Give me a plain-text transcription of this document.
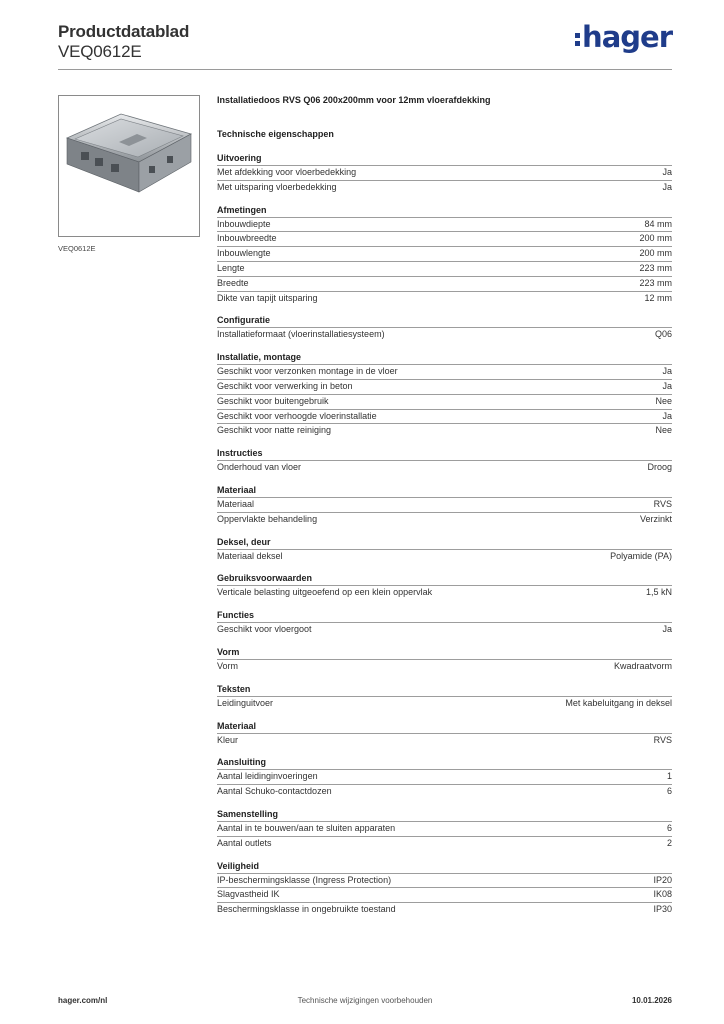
Productdatablad
VEQ0612E	hager
VEQ0612E
Installatiedoos RVS Q06 200x200mm voor 12mm vloerafdekking
Technische eigenschappen
Uitvoering
Met afdekking voor vloerbedekking	Ja
Met uitsparing vloerbedekking	Ja
Afmetingen
Inbouwdiepte	84 mm
Inbouwbreedte	200 mm
Inbouwlengte	200 mm
Lengte	223 mm
Breedte	223 mm
Dikte van tapijt uitsparing	12 mm
Configuratie
Installatieformaat (vloerinstallatiesysteem)	Q06
Installatie, montage
Geschikt voor verzonken montage in de vloer	Ja
Geschikt voor verwerking in beton	Ja
Geschikt voor buitengebruik	Nee
Geschikt voor verhoogde vloerinstallatie	Ja
Geschikt voor natte reiniging	Nee
Instructies
Onderhoud van vloer	Droog
Materiaal
Materiaal	RVS
Oppervlakte behandeling	Verzinkt
Deksel, deur
Materiaal deksel	Polyamide (PA)
Gebruiksvoorwaarden
Verticale belasting uitgeoefend op een klein oppervlak	1,5 kN
Functies
Geschikt voor vloergoot	Ja
Vorm
Vorm	Kwadraatvorm
Teksten
Leidinguitvoer	Met kabeluitgang in deksel
Materiaal
Kleur	RVS
Aansluiting
Aantal leidinginvoeringen	1
Aantal Schuko-contactdozen	6
Samenstelling
Aantal in te bouwen/aan te sluiten apparaten	6
Aantal outlets	2
Veiligheid
IP-beschermingsklasse (Ingress Protection)	IP20
Slagvastheid IK	IK08
Beschermingsklasse in ongebruikte toestand	IP30
Technische wijzigingen voorbehouden
hager.com/nl	10.01.2026
